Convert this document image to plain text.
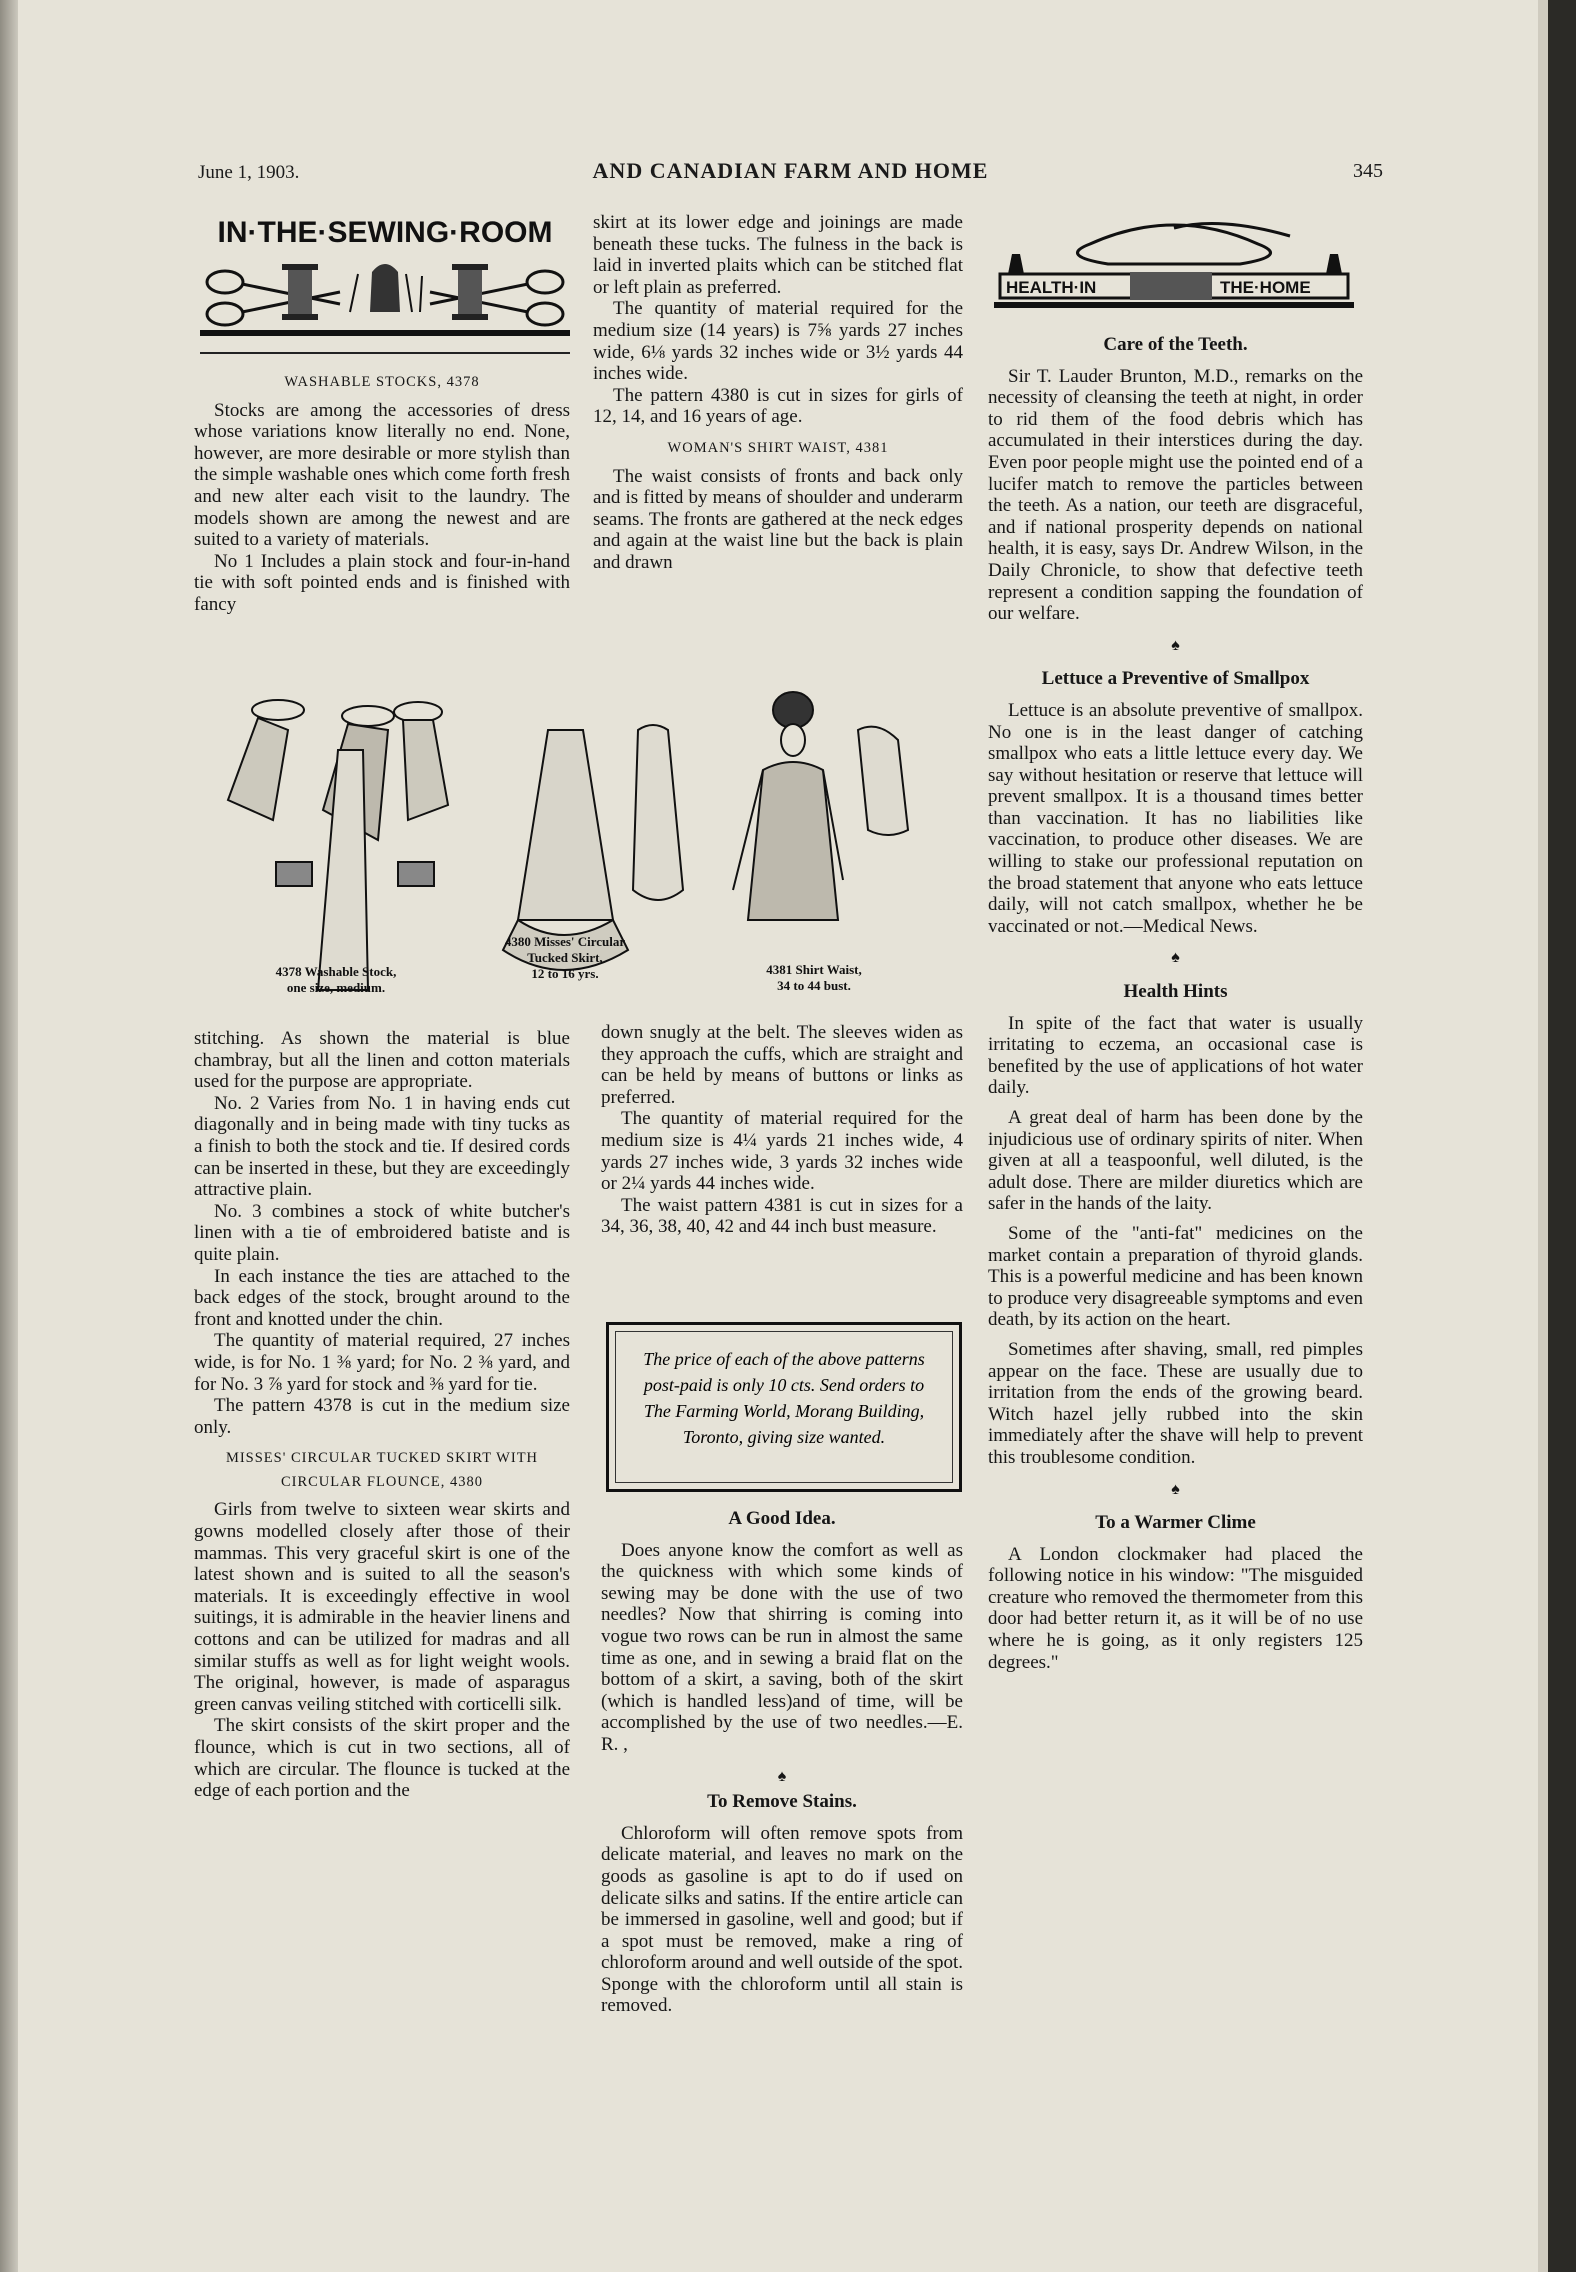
June 1, 1903.	AND CANADIAN FARM AND HOME	345
IN·THE·SEWING·ROOM
HEALTH·IN	THE·HOME
WASHABLE STOCKS, 4378

Stocks are among the accessories of dress whose variations know literally no end. None, however, are more desirable or more stylish than the simple washable ones which come forth fresh and new alter each visit to the laundry. The models shown are among the newest and are suited to a variety of materials.

No 1 Includes a plain stock and four-in-hand tie with soft pointed ends and is finished with fancy

skirt at its lower edge and joinings are made beneath these tucks. The fulness in the back is laid in inverted plaits which can be stitched flat or left plain as preferred.

The quantity of material required for the medium size (14 years) is 7⅝ yards 27 inches wide, 6⅛ yards 32 inches wide or 3½ yards 44 inches wide.

The pattern 4380 is cut in sizes for girls of 12, 14, and 16 years of age.

WOMAN'S SHIRT WAIST, 4381

The waist consists of fronts and back only and is fitted by means of shoulder and underarm seams. The fronts are gathered at the neck edges and again at the waist line but the back is plain and drawn

4378 Washable Stock,
one size, medium.
4380 Misses' Circular
Tucked Skirt,
12 to 16 yrs.	4381 Shirt Waist,
34 to 44 bust.

stitching. As shown the material is blue chambray, but all the linen and cotton materials used for the purpose are appropriate.

No. 2 Varies from No. 1 in having ends cut diagonally and in being made with tiny tucks as a finish to both the stock and tie. If desired cords can be inserted in these, but they are exceedingly attractive plain.

No. 3 combines a stock of white butcher's linen with a tie of embroidered batiste and is quite plain.

In each instance the ties are attached to the back edges of the stock, brought around to the front and knotted under the chin.

The quantity of material required, 27 inches wide, is for No. 1 ⅜ yard; for No. 2 ⅜ yard, and for No. 3 ⅞ yard for stock and ⅜ yard for tie.

The pattern 4378 is cut in the medium size only.

MISSES' CIRCULAR TUCKED SKIRT WITH
CIRCULAR FLOUNCE, 4380

Girls from twelve to sixteen wear skirts and gowns modelled closely after those of their mammas. This very graceful skirt is one of the latest shown and is suited to all the season's materials. It is exceedingly effective in wool suitings, it is admirable in the heavier linens and cottons and can be utilized for madras and all similar stuffs as well as for light weight wools. The original, however, is made of asparagus green canvas veiling stitched with corticelli silk.

The skirt consists of the skirt proper and the flounce, which is cut in two sections, all of which are circular. The flounce is tucked at the edge of each portion and the

down snugly at the belt. The sleeves widen as they approach the cuffs, which are straight and can be held by means of buttons or links as preferred.

The quantity of material required for the medium size is 4¼ yards 21 inches wide, 4 yards 27 inches wide, 3 yards 32 inches wide or 2¼ yards 44 inches wide.

The waist pattern 4381 is cut in sizes for a 34, 36, 38, 40, 42 and 44 inch bust measure.

The price of each of the above patterns post-paid is only 10 cts. Send orders to The Farming World, Morang Building, Toronto, giving size wanted.
A Good Idea.

Does anyone know the comfort as well as the quickness with which some kinds of sewing may be done with the use of two needles? Now that shirring is coming into vogue two rows can be run in almost the same time as one, and in sewing a braid flat on the bottom of a skirt, a saving, both of the skirt (which is handled less)and of time, will be accomplished by the use of two needles.—E. R. ,

♠
To Remove Stains.

Chloroform will often remove spots from delicate material, and leaves no mark on the goods as gasoline is apt to do if used on delicate silks and satins. If the entire article can be immersed in gasoline, well and good; but if a spot must be removed, make a ring of chloroform around and well outside of the spot. Sponge with the chloroform until all stain is removed.

Care of the Teeth.

Sir T. Lauder Brunton, M.D., remarks on the necessity of cleansing the teeth at night, in order to rid them of the food debris which has accumulated in their interstices during the day. Even poor people might use the pointed end of a lucifer match to remove the particles between the teeth. As a nation, our teeth are disgraceful, and if national prosperity depends on national health, it is easy, says Dr. Andrew Wilson, in the Daily Chronicle, to show that defective teeth represent a condition sapping the foundation of our welfare.

♠
Lettuce a Preventive of Smallpox

Lettuce is an absolute preventive of smallpox. No one is in the least danger of catching smallpox who eats a little lettuce every day. We say without hesitation or reserve that lettuce will prevent smallpox. It is a thousand times better than vaccination. It has no liabilities like vaccination, to produce other diseases. We are willing to stake our professional reputation on the broad statement that anyone who eats lettuce daily, will not catch smallpox, whether he be vaccinated or not.—Medical News.

♠
Health Hints

In spite of the fact that water is usually irritating to eczema, an occasional case is benefited by the use of applications of hot water daily.

A great deal of harm has been done by the injudicious use of ordinary spirits of niter. When given at all a teaspoonful, well diluted, is the adult dose. There are milder diuretics which are safer in the hands of the laity.

Some of the "anti-fat" medicines on the market contain a preparation of thyroid glands. This is a powerful medicine and has been known to produce very disagreeable symptoms and even death, by its action on the heart.

Sometimes after shaving, small, red pimples appear on the face. These are usually due to irritation from the ends of the growing beard. Witch hazel jelly rubbed into the skin immediately after the shave will help to prevent this troublesome condition.

♠
To a Warmer Clime

A London clockmaker had placed the following notice in his window: "The misguided creature who removed the thermometer from this door had better return it, as it will be of no use where he is going, as it only registers 125 degrees."
